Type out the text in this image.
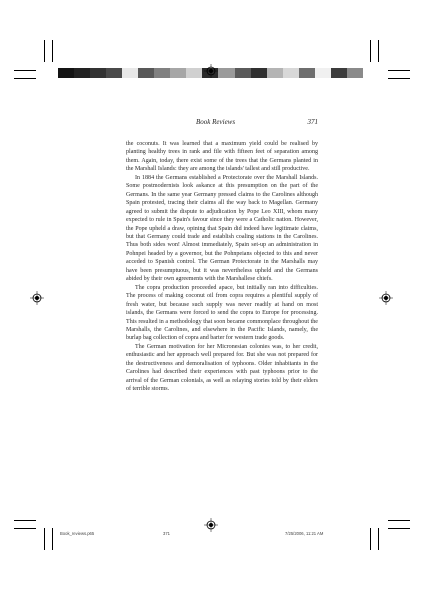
Book Reviews	371

the coconuts. It was learned that a maximum yield could be realised by planting healthy trees in rank and file with fifteen feet of separation among them. Again, today, there exist some of the trees that the Germans planted in the Marshall Islands: they are among the islands' tallest and still productive.

In 1884 the Germans established a Protectorate over the Marshall Islands. Some postmodernists look askance at this presumption on the part of the Germans. In the same year Germany pressed claims to the Carolines although Spain protested, tracing their claims all the way back to Magellan. Germany agreed to submit the dispute to adjudication by Pope Leo XIII, whom many expected to rule in Spain's favour since they were a Catholic nation. However, the Pope upheld a draw, opining that Spain did indeed have legitimate claims, but that Germany could trade and establish coaling stations in the Carolines. Thus both sides won! Almost immediately, Spain set-up an administration in Pohnpei headed by a governor, but the Pohnpeians objected to this and never acceded to Spanish control. The German Protectorate in the Marshalls may have been presumptuous, but it was nevertheless upheld and the Germans abided by their own agreements with the Marshallese chiefs.

The copra production proceeded apace, but initially ran into difficulties. The process of making coconut oil from copra requires a plentiful supply of fresh water, but because such supply was never readily at hand on most islands, the Germans were forced to send the copra to Europe for processing. This resulted in a methodology that soon became commonplace throughout the Marshalls, the Carolines, and elsewhere in the Pacific Islands, namely, the burlap bag collection of copra and barter for western trade goods.

The German motivation for her Micronesian colonies was, to her credit, enthusiastic and her approach well prepared for. But she was not prepared for the destructiveness and demoralisation of typhoons. Older inhabitants in the Carolines had described their experiences with past typhoons prior to the arrival of the German colonials, as well as relaying stories told by their elders of terrible storms.

Book_reviews.p65	371	7/25/2006, 11:21 AM
